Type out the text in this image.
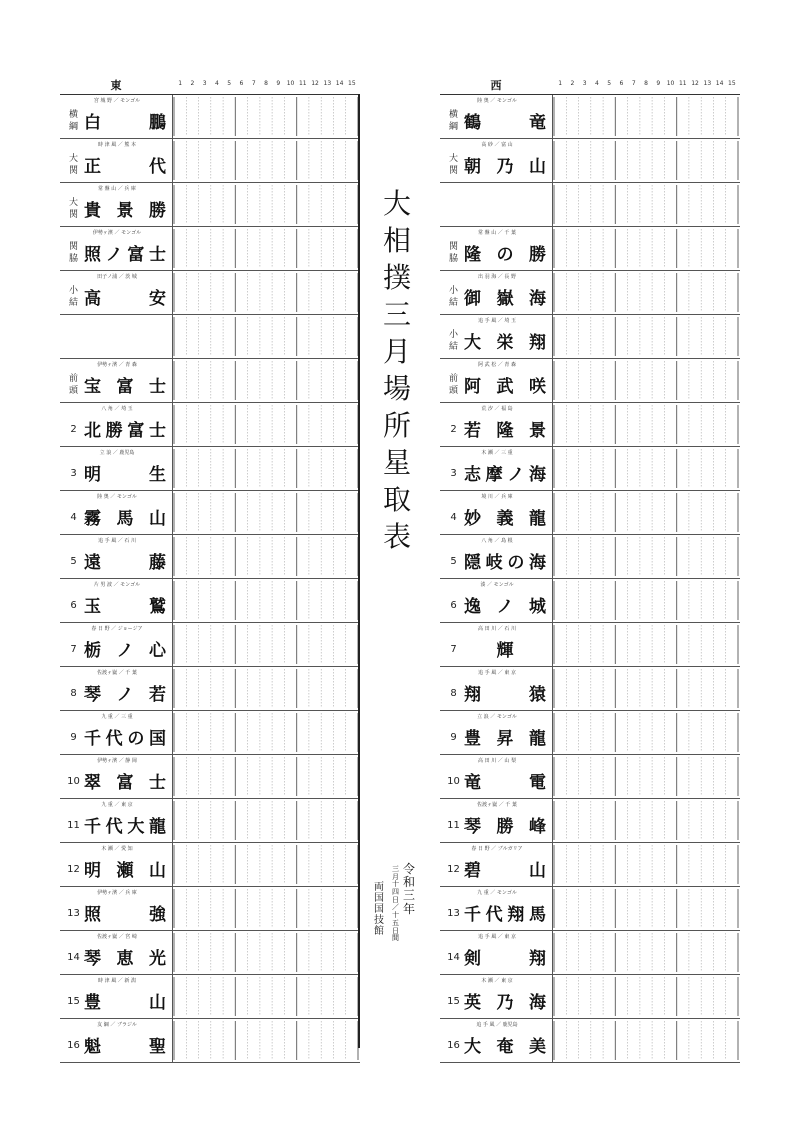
東	1	2	3	4	5	6	7	8	9	10 11 12 13 14 15
宮 城 野 ／ モンゴル
横綱 白　鵬
時 津 風 ／ 熊 本
大関 正　代
常 盤 山 ／ 兵 庫
大関 貴景勝
伊勢ヶ濱 ／ モンゴル
関脇 照ノ富士
田子ノ浦 ／ 茨 城
小結 高　安
伊勢ヶ濱 ／ 青 森
前頭 宝富士
八 角 ／ 埼 玉
2 北勝富士
立 浪 ／ 鹿児島
3 明　生
陸 奥 ／ モンゴル
4 霧馬山
追 手 風 ／ 石 川
5 遠　藤
片 男 波 ／ モンゴル
6 玉　鷲
春 日 野 ／ ジョージア
7 栃ノ心
佐渡ヶ嶽 ／ 千 葉
8 琴ノ若
九 重 ／ 三 重
9 千代の国
伊勢ヶ濱 ／ 静 岡
10 翠富士
九 重 ／ 東 京
11 千代大龍
木 瀬 ／ 愛 知
12 明瀬山
伊勢ヶ濱 ／ 兵 庫
13 照　強
佐渡ヶ嶽 ／ 宮 崎
14 琴恵光
時 津 風 ／ 新 潟
15 豊　山
友 綱 ／ ブラジル
16 魁　聖
西	1	2	3	4	5	6	7	8	9	10 11 12 13 14 15
陸 奥 ／ モンゴル
横綱 鶴　竜
高 砂 ／ 富 山
大関 朝乃山
常 盤 山 ／ 千 葉
関脇 隆の勝
出 羽 海 ／ 長 野
小結 御嶽海
追 手 風 ／ 埼 玉
小結 大栄翔
阿 武 松 ／ 青 森
前頭 阿武咲
荒 汐 ／ 福 島
2 若隆景
木 瀬 ／ 三 重
3 志摩ノ海
境 川 ／ 兵 庫
4 妙義龍
八 角 ／ 島 根
5 隠岐の海
湊 ／ モンゴル
6 逸ノ城
高 田 川 ／ 石 川
7	輝
追 手 風 ／ 東 京
8 翔　猿
立 浪 ／ モンゴル
9 豊昇龍
高 田 川 ／ 山 梨
10 竜　電
佐渡ヶ嶽 ／ 千 葉
11 琴勝峰
春 日 野 ／ ブルガリア
12 碧　山
九 重 ／ モンゴル
13 千代翔馬
追 手 風 ／ 東 京
14 剣　翔
木 瀬 ／ 東 京
15 英乃海
追 手 風 ／ 鹿児島
16 大奄美
大
相
撲
三
月
場
所
星
取
表
令
和
三
年
三
月
十
四
日
／
十
五
日
間
両
国
国
技
館
